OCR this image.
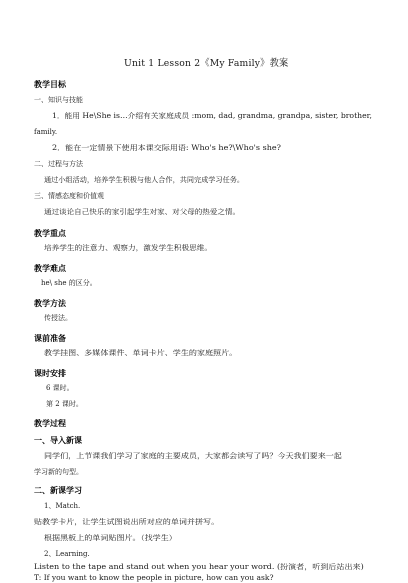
Unit 1 Lesson 2《My Family》教案
教学目标
一、知识与技能
1．能用 He\She is…介绍有关家庭成员 :mom, dad, grandma, grandpa, sister, brother,
family.
2．能在一定情景下使用本课交际用语: Who's he?\Who's she?
二、过程与方法
通过小组活动，培养学生积极与他人合作，共同完成学习任务。
三、情感态度和价值观
通过谈论自己快乐的家引起学生对家、对父母的热爱之情。
教学重点
培养学生的注意力、观察力，激发学生积极思维。
教学难点
he\ she 的区分。
教学方法
传授法。
课前准备
教学挂图、多媒体课件、单词卡片、学生的家庭照片。
课时安排
6 课时。
第 2 课时。
教学过程
一、导入新课
同学们，上节课我们学习了家庭的主要成员，大家都会读写了吗？今天我们要来一起
学习新的句型。
二、新课学习
1、Match.
贴教学卡片，让学生试图说出所对应的单词并拼写。
根据黑板上的单词贴图片。（找学生）
2、Learning.
Listen to the tape and stand out when you hear your word. (扮演者，听到后站出来)
T: If you want to know the people in picture, how can you ask?
